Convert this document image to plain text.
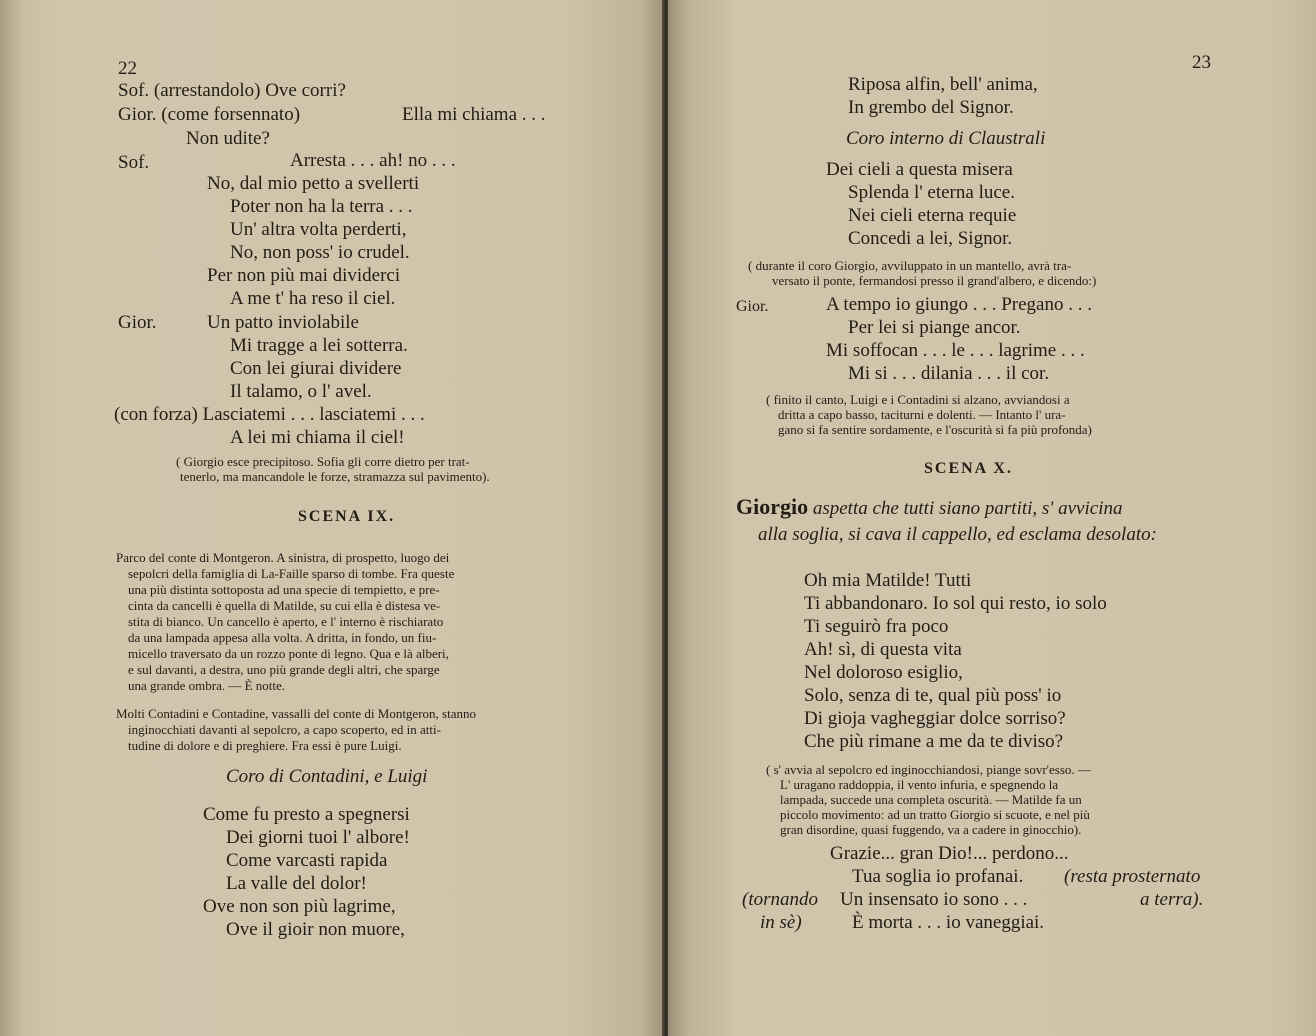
22
Sof. (arrestandolo) Ove corri?
Gior. (come forsennato)	Ella mi chiama . . .
Non udite?
Sof.	Arresta . . . ah! no . . .
No, dal mio petto a svellerti
Poter non ha la terra . . .
Un' altra volta perderti,
No, non poss' io crudel.
Per non più mai dividerci
A me t' ha reso il ciel.
Gior.	Un patto inviolabile
Mi tragge a lei sotterra.
Con lei giurai dividere
Il talamo, o l' avel.
(con forza) Lasciatemi . . . lasciatemi . . .
A lei mi chiama il ciel!
( Giorgio esce precipitoso. Sofia gli corre dietro per trat-
tenerlo, ma mancandole le forze, stramazza sul pavimento).
SCENA IX.
Parco del conte di Montgeron. A sinistra, di prospetto, luogo dei
sepolcri della famiglia di La-Faille sparso di tombe. Fra queste
una più distinta sottoposta ad una specie di tempietto, e pre-
cinta da cancelli è quella di Matilde, su cui ella è distesa ve-
stita di bianco. Un cancello è aperto, e l' interno è rischiarato
da una lampada appesa alla volta. A dritta, in fondo, un fiu-
micello traversato da un rozzo ponte di legno. Qua e là alberi,
e sul davanti, a destra, uno più grande degli altri, che sparge
una grande ombra. — È notte.
Molti Contadini e Contadine, vassalli del conte di Montgeron, stanno
inginocchiati davanti al sepolcro, a capo scoperto, ed in atti-
tudine di dolore e di preghiere. Fra essi è pure Luigi.
Coro di Contadini, e Luigi
Come fu presto a spegnersi
Dei giorni tuoi l' albore!
Come varcasti rapida
La valle del dolor!
Ove non son più lagrime,
Ove il gioir non muore,
23
Riposa alfin, bell' anima,
In grembo del Signor.
Coro interno di Claustrali
Dei cieli a questa misera
Splenda l' eterna luce.
Nei cieli eterna requie
Concedi a lei, Signor.
( durante il coro Giorgio, avviluppato in un mantello, avrà tra-
versato il ponte, fermandosi presso il grand'albero, e dicendo:)
Gior.	A tempo io giungo . . . Pregano . . .
Per lei si piange ancor.
Mi soffocan . . . le . . . lagrime . . .
Mi si . . . dilania . . . il cor.
( finito il canto, Luigi e i Contadini si alzano, avviandosi a
dritta a capo basso, taciturni e dolenti. — Intanto l' ura-
gano si fa sentire sordamente, e l'oscurità si fa più profonda)
SCENA X.
Giorgio aspetta che tutti siano partiti, s' avvicina
alla soglia, si cava il cappello, ed esclama desolato:
Oh mia Matilde! Tutti
Ti abbandonaro. Io sol qui resto, io solo
Ti seguirò fra poco
Ah! sì, di questa vita
Nel doloroso esiglio,
Solo, senza di te, qual più poss' io
Di gioja vagheggiar dolce sorriso?
Che più rimane a me da te diviso?
( s' avvia al sepolcro ed inginocchiandosi, piange sovr'esso. —
L' uragano raddoppia, il vento infuria, e spegnendo la
lampada, succede una completa oscurità. — Matilde fa un
piccolo movimento: ad un tratto Giorgio si scuote, e nel più
gran disordine, quasi fuggendo, va a cadere in ginocchio).
Grazie... gran Dio!... perdono...
Tua soglia io profanai. (resta prosternato
(tornando Un insensato io sono . . .	a terra).
in sè)	È morta . . . io vaneggiai.
